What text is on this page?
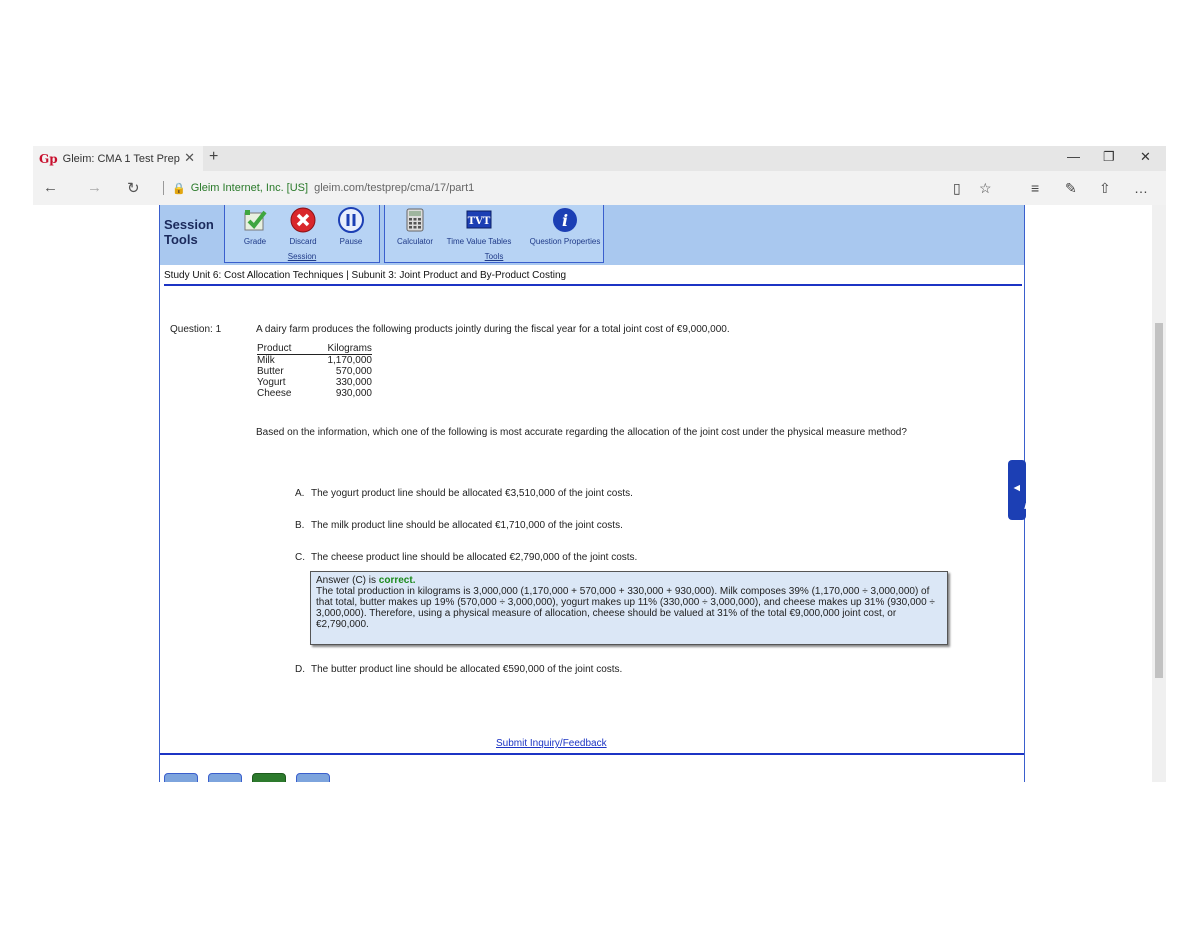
Gp Gleim: CMA 1 Test Prep ✕ +	— ❐ ✕
← → ↻	🔒 Gleim Internet, Inc. [US] gleim.com/testprep/cma/17/part1	▯ ☆	≡ ✎ ⇧ …
Session
Tools	Grade	Discard	Pause
Session
Calculator
TVT
Time Value Tables
i
Question Properties
Tools
Study Unit 6: Cost Allocation Techniques | Subunit 3: Joint Product and By-Product Costing
Question: 1	A dairy farm produces the following products jointly during the fiscal year for a total joint cost of €9,000,000.
Product	Kilograms
Milk	1,170,000
Butter	570,000
Yogurt	330,000
Cheese	930,000
Based on the information, which one of the following is most accurate regarding the allocation of the joint cost under the physical measure method?
A. The yogurt product line should be allocated €3,510,000 of the joint costs.
B. The milk product line should be allocated €1,710,000 of the joint costs.
C. The cheese product line should be allocated €2,790,000 of the joint costs.
Answer (C) is correct.
The total production in kilograms is 3,000,000 (1,170,000 + 570,000 + 330,000 + 930,000). Milk composes 39% (1,170,000 ÷ 3,000,000) of that total, butter makes up 19% (570,000 ÷ 3,000,000), yogurt makes up 11% (330,000 ÷ 3,000,000), and cheese makes up 31% (930,000 ÷ 3,000,000). Therefore, using a physical measure of allocation, cheese should be valued at 31% of the total €9,000,000 joint cost, or €2,790,000.
D. The butter product line should be allocated €590,000 of the joint costs.
Submit Inquiry/Feedback
▲
Show
